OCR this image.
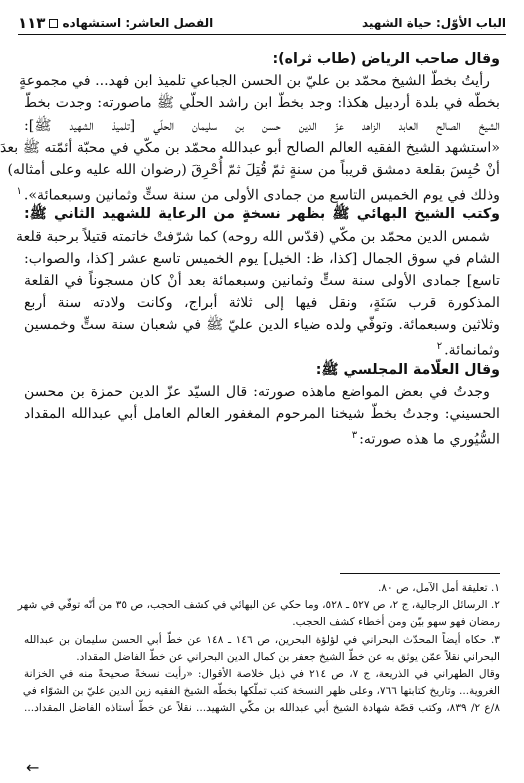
الباب الأوّل: حياة الشهيد
الفصل العاشر: استشهاده
١١٣
وقال صاحب الرياض (طاب ثراه):
رأيتُ بخطّ الشيخ محمّد بن عليّ بن الحسن الجباعي تلميذ ابن فهد... في مجموعةٍ
بخطّه في بلدة أردبيل هكذا: وجد بخطّ ابن راشد الحلّي ﷺ ماصورته: وجدت بخطّ
الشيخ الصالح العابد الزاهد عزّ الدين حسن بن سليمان الحلّي [تلميذ الشهيد ﷺ]:
«استشهد الشيخ الفقيه العالم الصالح أبو عبدالله محمّد بن مكّي في محبّة أئمّته ﷺ بعدَ
أنْ حُبِسَ بقلعة دمشق قريباً من سنةٍ ثمّ قُتِلَ ثمّ أُحْرِقَ (رضوان الله عليه وعلى أمثاله)
وذلك في يوم الخميس التاسع من جمادى الأولى من سنة ستٍّ وثمانين وسبعمائة».$^١$
وكتب الشيخ البهائي ﷺ بظهر نسخةٍ من الرعاية للشهيد الثاني ﷺ:
شمس الدين محمّد بن مكّي (قدّس الله روحه) كما شرّفتْ خاتمته قتيلاً برحبة قلعة
الشام في سوق الجمال [كذا، ظ: الخيل] يوم الخميس تاسع عشر [كذا، والصواب:
تاسع] جمادى الأولى سنة ستٍّ وثمانين وسبعمائة بعد أنْ كان مسجوناً في القلعة
المذكورة قرب سَنَةٍ، ونقل فيها إلى ثلاثة أبراج، وكانت ولادته سنة أربع
وثلاثين وسبعمائة. وتوفّي ولده ضياء الدين عليّ ﷺ في شعبان سنة ستٍّ وخمسين
وثمانمائة.$^٢$
وقال العلّامة المجلسي ﷺ:
وجدتُ في بعض المواضع ماهذه صورته: قال السيّد عزّ الدين حمزة بن محسن
الحسيني: وجدتُ بخطّ شيخنا المرحوم المغفور العالم العامل أبي عبدالله المقداد
السُّيُوري ما هذه صورته:$^٣$
١. تعليقة أمل الآمل، ص ٨٠.
٢. الرسائل الرجالية، ج ٢، ص ٥٢٧ ـ ٥٢٨، وما حكي عن البهائي في كشف الحجب، ص ٣٥ من أنّه توفّي في شهر
رمضان فهو سهو بيّن ومن أخطاء كشف الحجب.
٣. حكاه أيضاً المحدّث البحراني في لؤلؤة البحرين، ص ١٤٦ ـ ١٤٨ عن خطّ أبي الحسن سليمان بن عبدالله
البحراني نقلاً عمّن يوثق به عن خطّ الشيخ جعفر بن كمال الدين البحراني عن خطّ الفاضل المقداد.
وقال الطهراني في الذريعة، ج ٧، ص ٢١٤ في ذيل خلاصة الأقوال: «رأيت نسخةً صحيحةً منه في الخزانة
الغروية... وتاريخ كتابتها ٧٦٦، وعلى ظهر النسخة كتب تملّكها بخطّه الشيخ الفقيه زين الدين عليّ بن الشوّاء في
٨/ع ٢/ ٨٣٩، وكتب قصّة شهادة الشيخ أبي عبدالله بن مكّي الشهيد... نقلاً عن خطّ أستاذه الفاضل المقداد...
←
